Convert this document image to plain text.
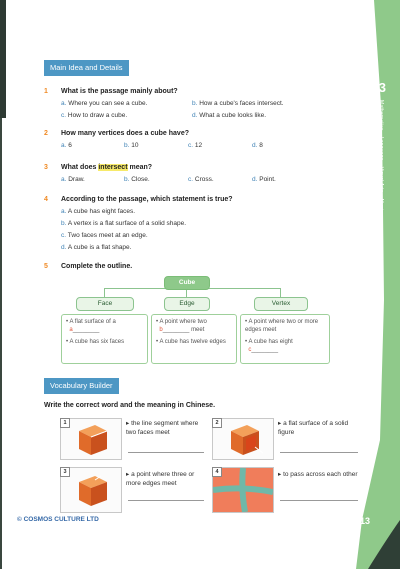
3
Mathematics – Language – Visual Arts – Music
13
Main Idea and Details
1 What is the passage mainly about?
a. Where you can see a cube.	b. How a cube's faces intersect.
c. How to draw a cube.	d. What a cube looks like.
2 How many vertices does a cube have?
a. 6	b. 10	c. 12	d. 8
3 What does intersect mean?
a. Draw.	b. Close.	c. Cross.	d. Point.
4 According to the passage, which statement is true?
a. A cube has eight faces.
b. A vertex is a flat surface of a solid shape.
c. Two faces meet at an edge.
d. A cube is a flat shape.
5 Complete the outline.
Cube
Face	Edge	Vertex

• A flat surface of a
a________

• A cube has six faces

• A point where two
b________ meet

• A cube has twelve edges

• A point where two or more edges meet

• A cube has eight
c________

Vocabulary Builder
Write the correct word and the meaning in Chinese.
1	▸ the line segment where two faces meet
2	▸ a flat surface of a solid figure
3	▸ a point where three or more edges meet
4	▸ to pass across each other
© COSMOS CULTURE LTD
